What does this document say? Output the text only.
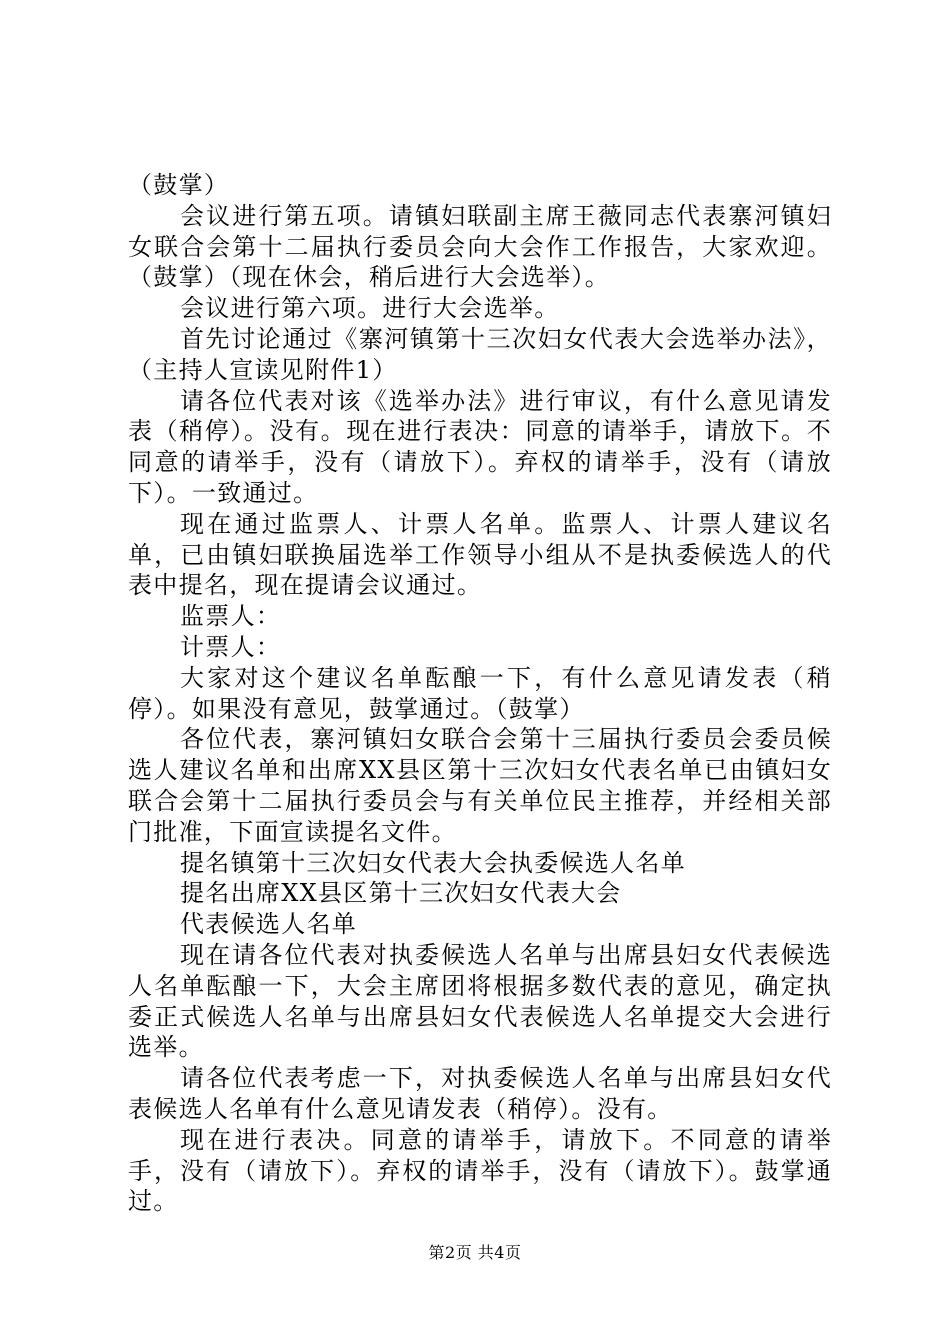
（鼓掌）

会议进行第五项。请镇妇联副主席王薇同志代表寨河镇妇女联合会第十二届执行委员会向大会作工作报告，大家欢迎。（鼓掌）（现在休会，稍后进行大会选举）。

会议进行第六项。进行大会选举。

首先讨论通过《寨河镇第十三次妇女代表大会选举办法》，（主持人宣读见附件1）

请各位代表对该《选举办法》进行审议，有什么意见请发表（稍停）。没有。现在进行表决：同意的请举手，请放下。不同意的请举手，没有（请放下）。弃权的请举手，没有（请放下）。一致通过。

现在通过监票人、计票人名单。监票人、计票人建议名单，已由镇妇联换届选举工作领导小组从不是执委候选人的代表中提名，现在提请会议通过。

监票人：

计票人：

大家对这个建议名单酝酿一下，有什么意见请发表（稍停）。如果没有意见，鼓掌通过。（鼓掌）

各位代表，寨河镇妇女联合会第十三届执行委员会委员候选人建议名单和出席XX县区第十三次妇女代表名单已由镇妇女联合会第十二届执行委员会与有关单位民主推荐，并经相关部门批准，下面宣读提名文件。

提名镇第十三次妇女代表大会执委候选人名单

提名出席XX县区第十三次妇女代表大会

代表候选人名单

现在请各位代表对执委候选人名单与出席县妇女代表候选人名单酝酿一下，大会主席团将根据多数代表的意见，确定执委正式候选人名单与出席县妇女代表候选人名单提交大会进行选举。

请各位代表考虑一下，对执委候选人名单与出席县妇女代表候选人名单有什么意见请发表（稍停）。没有。

现在进行表决。同意的请举手，请放下。不同意的请举手，没有（请放下）。弃权的请举手，没有（请放下）。鼓掌通过。

第2页 共4页
